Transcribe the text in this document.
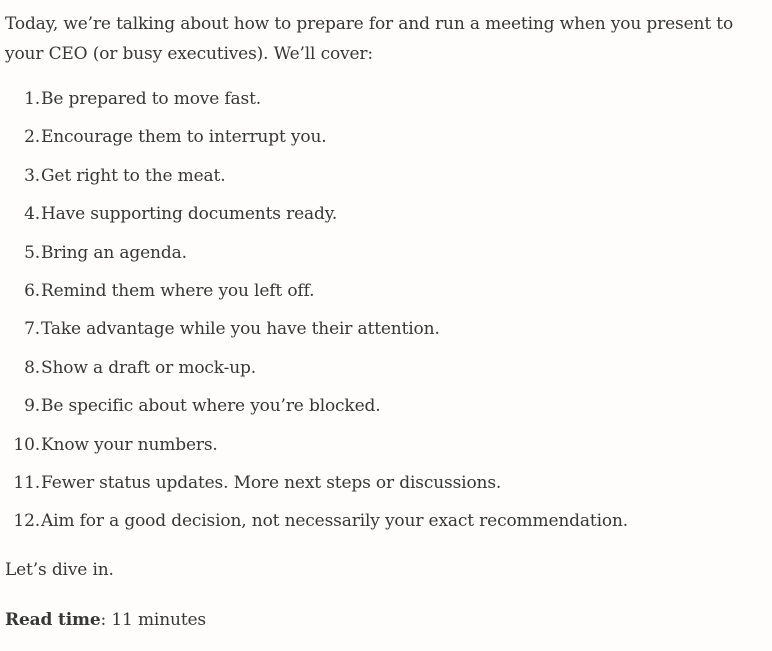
Today, we’re talking about how to prepare for and run a meeting when you present to your CEO (or busy executives). We’ll cover:

1. Be prepared to move fast.
2. Encourage them to interrupt you.
3. Get right to the meat.
4. Have supporting documents ready.
5. Bring an agenda.
6. Remind them where you left off.
7. Take advantage while you have their attention.
8. Show a draft or mock-up.
9. Be specific about where you’re blocked.
10. Know your numbers.
11. Fewer status updates. More next steps or discussions.
12. Aim for a good decision, not necessarily your exact recommendation.

Let’s dive in.

Read time: 11 minutes
